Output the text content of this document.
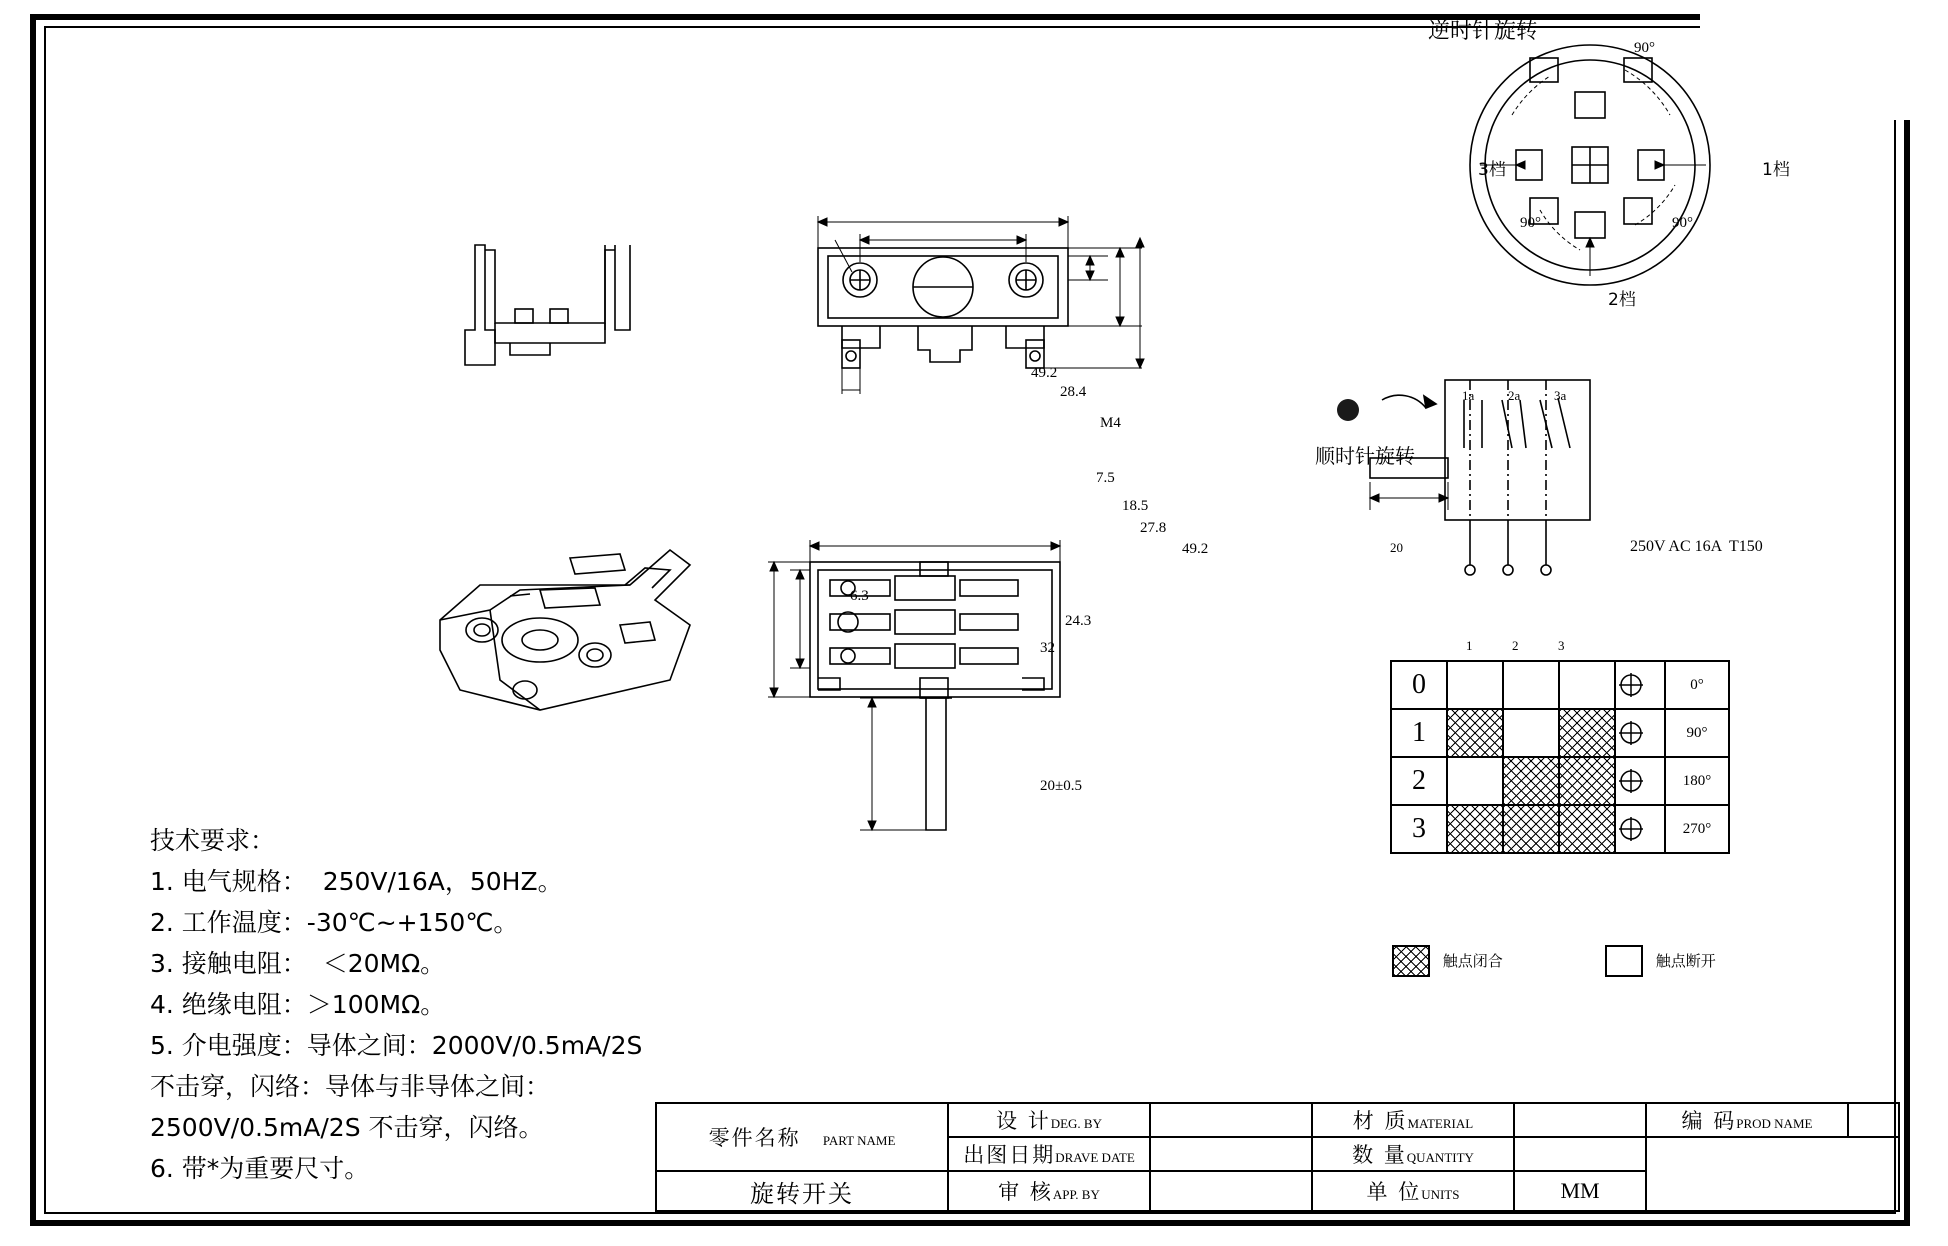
49.2
28.4
M4
7.5
18.5
27.8
6.3
49.2
24.3
32
20±0.5
逆时针旋转
3档	1档
2档
90°
90°	90°
顺时针旋转
1a	2a	3a
1	2	3
20	250V AC 16A  T150
0					0°
1					90°
2					180°
3					270°
触点闭合	触点断开
技术要求：
1. 电气规格：  250V/16A，50HZ。
2. 工作温度：-30℃~+150℃。
3. 接触电阻：  ＜20MΩ。
4. 绝缘电阻：＞100MΩ。
5. 介电强度：导体之间：2000V/0.5mA/2S
不击穿，闪络：导体与非导体之间：
2500V/0.5mA/2S 不击穿，闪络。
6. 带*为重要尺寸。
零件名称 PART NAME	设 计DEG. BY		材 质MATERIAL		编 码PROD NAME	
	出图日期DRAVE DATE		数 量QUANTITY			
旋转开关	审 核APP. BY		单 位UNITS	MM		
